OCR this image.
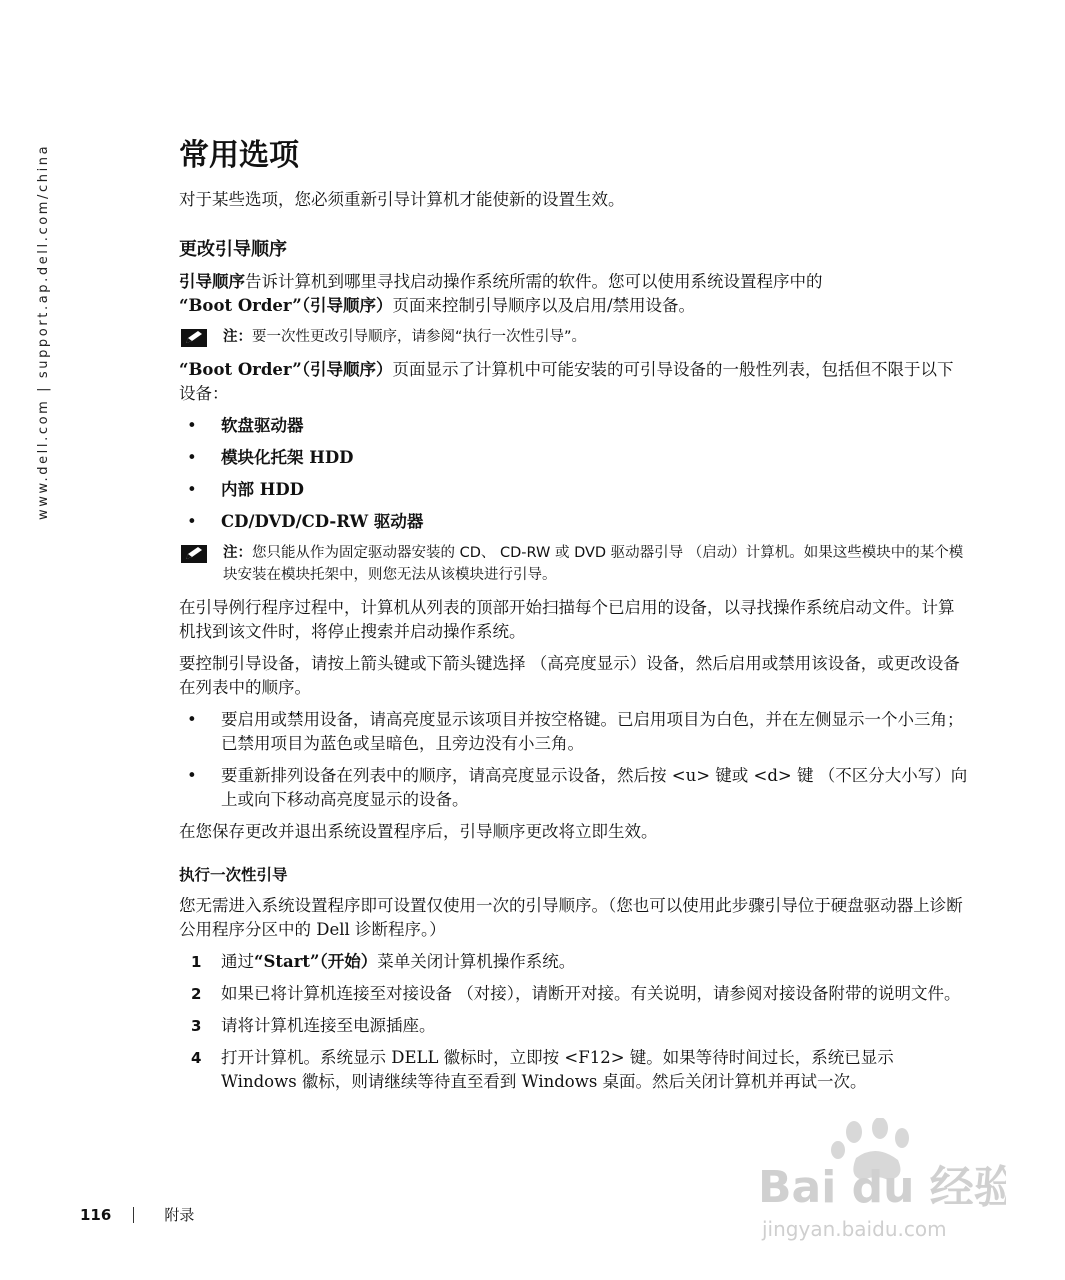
www.dell.com | support.ap.dell.com/china	常用选项
对于某些选项，您必须重新引导计算机才能使新的设置生效。
更改引导顺序
引导顺序告诉计算机到哪里寻找启动操作系统所需的软件。您可以使用系统设置程序中的
“Boot Order”（引导顺序）页面来控制引导顺序以及启用/禁用设备。
注：要一次性更改引导顺序，请参阅“执行一次性引导”。
“Boot Order”（引导顺序）页面显示了计算机中可能安装的可引导设备的一般性列表，包括但不限于以下设备：
• 软盘驱动器
• 模块化托架 HDD
• 内部 HDD
• CD/DVD/CD-RW 驱动器
注：您只能从作为固定驱动器安装的 CD、 CD-RW 或 DVD 驱动器引导 （启动）计算机。如果这些模块中的某个模块安装在模块托架中，则您无法从该模块进行引导。
在引导例行程序过程中，计算机从列表的顶部开始扫描每个已启用的设备，以寻找操作系统启动文件。计算机找到该文件时，将停止搜索并启动操作系统。
要控制引导设备，请按上箭头键或下箭头键选择 （高亮度显示）设备，然后启用或禁用该设备，或更改设备在列表中的顺序。
• 要启用或禁用设备，请高亮度显示该项目并按空格键。已启用项目为白色，并在左侧显示一个小三角；已禁用项目为蓝色或呈暗色，且旁边没有小三角。
• 要重新排列设备在列表中的顺序，请高亮度显示设备，然后按 <u> 键或 <d> 键 （不区分大小写）向上或向下移动高亮度显示的设备。
在您保存更改并退出系统设置程序后，引导顺序更改将立即生效。
执行一次性引导
您无需进入系统设置程序即可设置仅使用一次的引导顺序。（您也可以使用此步骤引导位于硬盘驱动器上诊断公用程序分区中的 Dell 诊断程序。）
1 通过“Start”（开始）菜单关闭计算机操作系统。
2 如果已将计算机连接至对接设备 （对接），请断开对接。有关说明，请参阅对接设备附带的说明文件。
3 请将计算机连接至电源插座。
4 打开计算机。系统显示 DELL 徽标时，立即按 <F12> 键。如果等待时间过长，系统已显示 Windows 徽标，则请继续等待直至看到 Windows 桌面。然后关闭计算机并再试一次。
116	附录
Bai du 经验
jingyan.baidu.com
